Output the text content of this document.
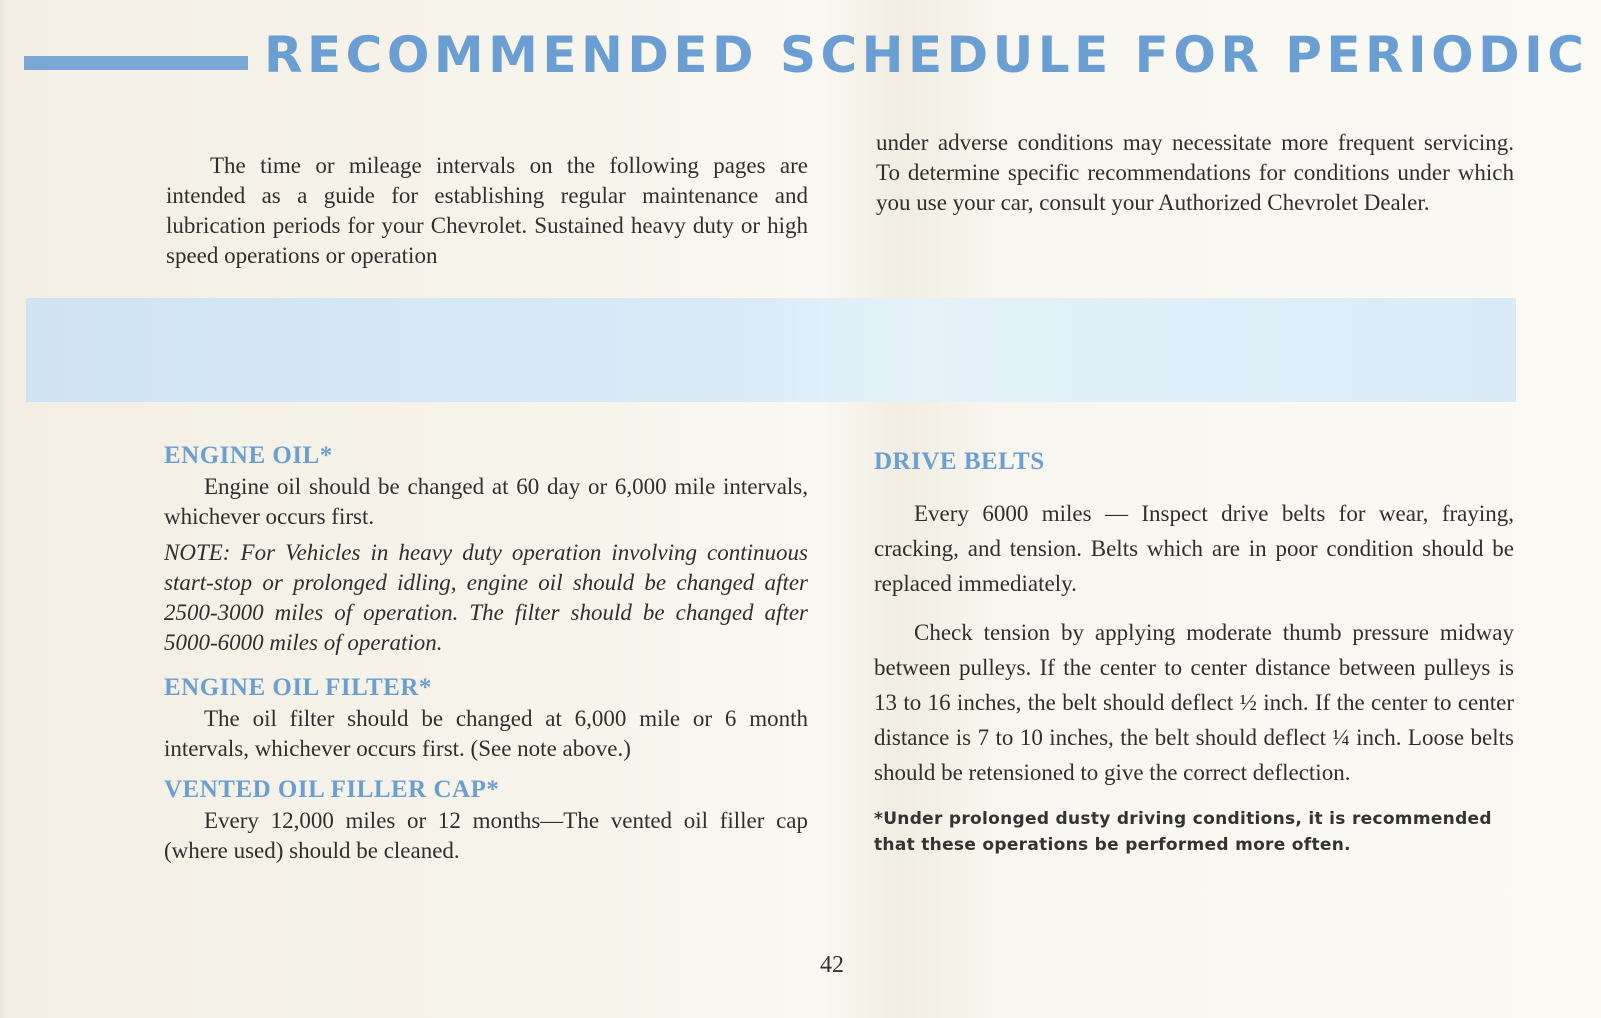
RECOMMENDED SCHEDULE FOR PERIODIC

The time or mileage intervals on the following pages are intended as a guide for establishing regular maintenance and lubrication periods for your Chevrolet. Sustained heavy duty or high speed operations or operation

under adverse conditions may necessitate more frequent servicing. To determine specific recommendations for conditions under which you use your car, consult your Authorized Chevrolet Dealer.

ENGINE OIL*

Engine oil should be changed at 60 day or 6,000 mile intervals, whichever occurs first.

NOTE: For Vehicles in heavy duty operation involving continuous start-stop or prolonged idling, engine oil should be changed after 2500-3000 miles of operation. The filter should be changed after 5000-6000 miles of operation.

ENGINE OIL FILTER*

The oil filter should be changed at 6,000 mile or 6 month intervals, whichever occurs first. (See note above.)

VENTED OIL FILLER CAP*

Every 12,000 miles or 12 months—The vented oil filler cap (where used) should be cleaned.

DRIVE BELTS

Every 6000 miles — Inspect drive belts for wear, fraying, cracking, and tension. Belts which are in poor condition should be replaced immediately.

Check tension by applying moderate thumb pressure midway between pulleys. If the center to center distance between pulleys is 13 to 16 inches, the belt should deflect ½ inch. If the center to center distance is 7 to 10 inches, the belt should deflect ¼ inch. Loose belts should be retensioned to give the correct deflection.

*Under prolonged dusty driving conditions, it is recommended that these operations be performed more often.

42
